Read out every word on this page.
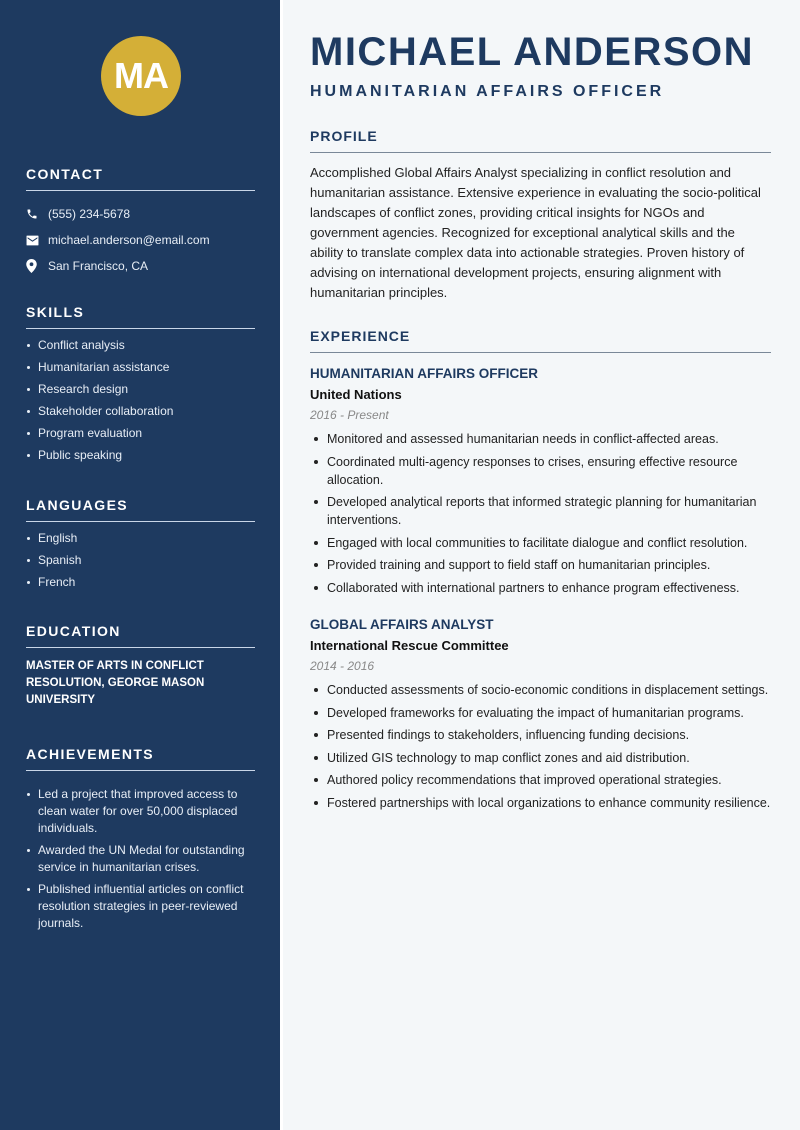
MA
CONTACT
(555) 234-5678
michael.anderson@email.com
San Francisco, CA
SKILLS
Conflict analysis
Humanitarian assistance
Research design
Stakeholder collaboration
Program evaluation
Public speaking
LANGUAGES
English
Spanish
French
EDUCATION

MASTER OF ARTS IN CONFLICT RESOLUTION, GEORGE MASON UNIVERSITY

ACHIEVEMENTS
Led a project that improved access to clean water for over 50,000 displaced individuals.
Awarded the UN Medal for outstanding service in humanitarian crises.
Published influential articles on conflict resolution strategies in peer-reviewed journals.
MICHAEL ANDERSON
HUMANITARIAN AFFAIRS OFFICER
PROFILE

Accomplished Global Affairs Analyst specializing in conflict resolution and humanitarian assistance. Extensive experience in evaluating the socio-political landscapes of conflict zones, providing critical insights for NGOs and government agencies. Recognized for exceptional analytical skills and the ability to translate complex data into actionable strategies. Proven history of advising on international development projects, ensuring alignment with humanitarian principles.

EXPERIENCE
HUMANITARIAN AFFAIRS OFFICER
United Nations
2016 - Present
Monitored and assessed humanitarian needs in conflict-affected areas.
Coordinated multi-agency responses to crises, ensuring effective resource allocation.
Developed analytical reports that informed strategic planning for humanitarian interventions.
Engaged with local communities to facilitate dialogue and conflict resolution.
Provided training and support to field staff on humanitarian principles.
Collaborated with international partners to enhance program effectiveness.
GLOBAL AFFAIRS ANALYST
International Rescue Committee
2014 - 2016
Conducted assessments of socio-economic conditions in displacement settings.
Developed frameworks for evaluating the impact of humanitarian programs.
Presented findings to stakeholders, influencing funding decisions.
Utilized GIS technology to map conflict zones and aid distribution.
Authored policy recommendations that improved operational strategies.
Fostered partnerships with local organizations to enhance community resilience.
